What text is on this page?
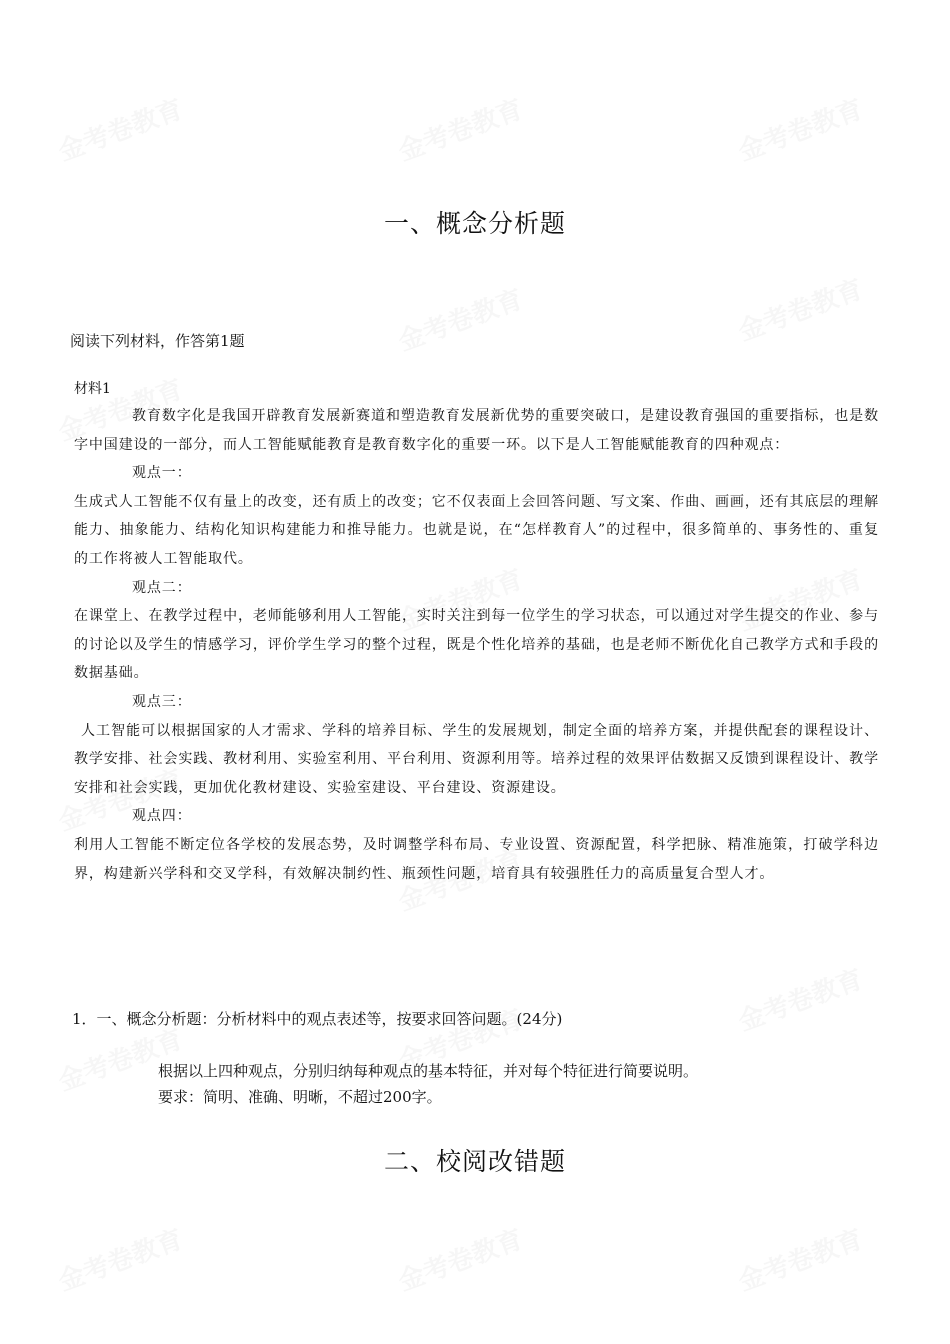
一、概念分析题
阅读下列材料，作答第1题
材料1

教育数字化是我国开辟教育发展新赛道和塑造教育发展新优势的重要突破口，是建设教育强国的重要指标，也是数字中国建设的一部分，而人工智能赋能教育是教育数字化的重要一环。以下是人工智能赋能教育的四种观点：

观点一：

生成式人工智能不仅有量上的改变，还有质上的改变；它不仅表面上会回答问题、写文案、作曲、画画，还有其底层的理解能力、抽象能力、结构化知识构建能力和推导能力。也就是说，在“怎样教育人”的过程中，很多简单的、事务性的、重复的工作将被人工智能取代。

观点二：

在课堂上、在教学过程中，老师能够利用人工智能，实时关注到每一位学生的学习状态，可以通过对学生提交的作业、参与的讨论以及学生的情感学习，评价学生学习的整个过程，既是个性化培养的基础，也是老师不断优化自己教学方式和手段的数据基础。

观点三：

人工智能可以根据国家的人才需求、学科的培养目标、学生的发展规划，制定全面的培养方案，并提供配套的课程设计、教学安排、社会实践、教材利用、实验室利用、平台利用、资源利用等。培养过程的效果评估数据又反馈到课程设计、教学安排和社会实践，更加优化教材建设、实验室建设、平台建设、资源建设。

观点四：

利用人工智能不断定位各学校的发展态势，及时调整学科布局、专业设置、资源配置，科学把脉、精准施策，打破学科边界，构建新兴学科和交叉学科，有效解决制约性、瓶颈性问题，培育具有较强胜任力的高质量复合型人才。

1．一、概念分析题：分析材料中的观点表述等，按要求回答问题。(24分)
根据以上四种观点，分别归纳每种观点的基本特征，并对每个特征进行简要说明。
要求：简明、准确、明晰，不超过200字。
二、校阅改错题
